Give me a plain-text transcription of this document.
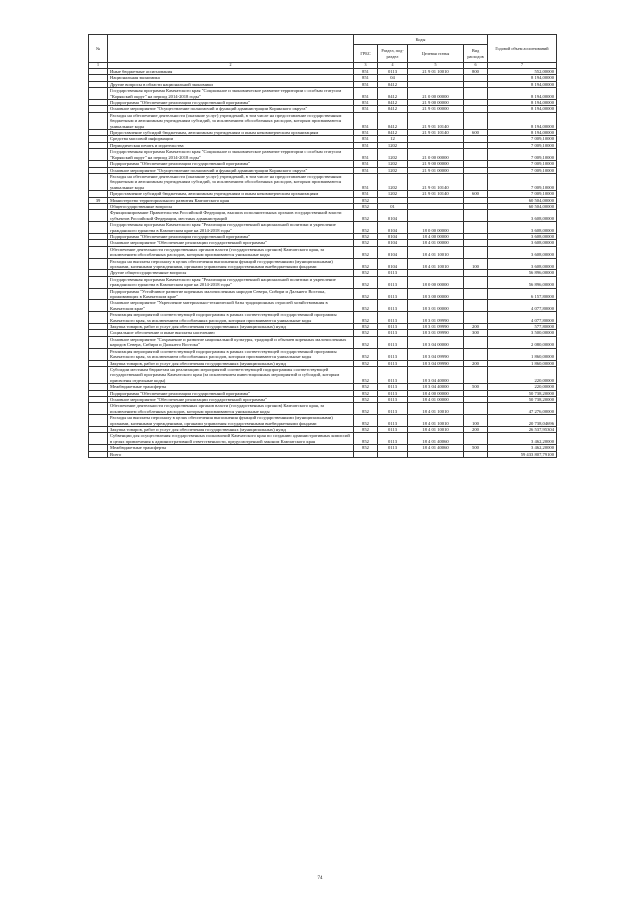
№		Коды				Годовой объем ассигнований
		ГРБС	Раздел, под-раздел	Целевая статья	Вид расходов	
1	2	3	4	5	6	7
	Иные бюджетные ассигнования	851	0113	21 9 01 10010	800	552,00000
	Национальная экономика	851	04			8 194,00000
	Другие вопросы в области национальной экономики	851	0412			8 194,00000
	Государственная программа Камчатского края "Социальное и экономическое развитие территории с особым статусом "Корякский округ" на период 2014-2018 годы"	851	0412	21 0 00 00000		8 194,00000
	Подпрограмма "Обеспечение реализации государственной программы"	851	0412	21 9 00 00000		8 194,00000
	Основное мероприятие "Осуществление полномочий и функций администрации Корякского округа"	851	0412	21 9 01 00000		8 194,00000
	Расходы на обеспечение деятельности (оказание услуг) учреждений, в том числе на предоставление государственным бюджетным и автономным учреждениям субсидий, за исключением обособленных расходов, которым присваиваются уникальные коды	851	0412	21 9 01 10140		8 194,00000
	Предоставление субсидий бюджетным, автономным учреждениям и иным некоммерческим организациям	851	0412	21 9 01 10140	600	8 194,00000
	Средства массовой информации	851	12			7 009,10000
	Периодическая печать и издательства	851	1202			7 009,10000
	Государственная программа Камчатского края "Социальное и экономическое развитие территории с особым статусом "Корякский округ" на период 2014-2018 годы"	851	1202	21 0 00 00000		7 009,10000
	Подпрограмма "Обеспечение реализации государственной программы"	851	1202	21 9 00 00000		7 009,10000
	Основное мероприятие "Осуществление полномочий и функций администрации Корякского округа"	851	1202	21 9 01 00000		7 009,10000
	Расходы на обеспечение деятельности (оказание услуг) учреждений, в том числе на предоставление государственным бюджетным и автономным учреждениям субсидий, за исключением обособленных расходов, которым присваиваются уникальные коды	851	1202	21 9 01 10140		7 009,10000
	Предоставление субсидий бюджетным, автономным учреждениям и иным некоммерческим организациям	851	1202	21 9 01 10140	600	7 009,10000
39	Министерство территориального развития Камчатского края	852				60 504,00000
	Общегосударственные вопросы	852	01			60 504,00000
	Функционирование Правительства Российской Федерации, высших исполнительных органов государственной власти субъектов Российской Федерации, местных администраций	852	0104			3 608,00000
	Государственная программа Камчатского края "Реализация государственной национальной политики и укрепление гражданского единства в Камчатском крае на 2014-2018 годы"	852	0104	18 0 00 00000		3 608,00000
	Подпрограмма "Обеспечение реализации государственной программы"	852	0104	18 4 00 00000		3 608,00000
	Основное мероприятие "Обеспечение реализации государственной программы"	852	0104	18 4 01 00000		3 608,00000
	Обеспечение деятельности государственных органов власти (государственных органов) Камчатского края, за исключением обособленных расходов, которым присваиваются уникальные коды	852	0104	18 4 01 10010		3 608,00000
	Расходы на выплаты персоналу в целях обеспечения выполнения функций государственными (муниципальными) органами, казенными учреждениями, органами управления государственными внебюджетными фондами	852	0104	18 4 01 10010	100	3 608,00000
	Другие общегосударственные вопросы	852	0113			56 896,00000
	Государственная программа Камчатского края "Реализация государственной национальной политики и укрепление гражданского единства в Камчатском крае на 2014-2018 годы"	852	0113	18 0 00 00000		56 896,00000
	Подпрограмма "Устойчивое развитие коренных малочисленных народов Севера, Сибири и Дальнего Востока, проживающих в Камчатском крае"	852	0113	18 3 00 00000		6 157,80000
	Основное мероприятие "Укрепление материально-технической базы традиционных отраслей хозяйствования в Камчатском крае"	852	0113	18 3 01 00000		4 077,80000
	Реализация мероприятий соответствующей подпрограммы в рамках соответствующей государственной программы Камчатского края, за исключением обособленных расходов, которым присваиваются уникальные коды	852	0113	18 3 01 09990		4 077,80000
	Закупка товаров, работ и услуг для обеспечения государственных (муниципальных) нужд	852	0113	18 3 01 09990	200	577,80000
	Социальное обеспечение и иные выплаты населению	852	0113	18 3 01 09990	300	3 500,00000
	Основное мероприятие "Сохранение и развитие национальной культуры, традиций и обычаев коренных малочисленных народов Севера, Сибири и Дальнего Востока"	852	0113	18 3 04 00000		2 080,00000
	Реализация мероприятий соответствующей подпрограммы в рамках соответствующей государственной программы Камчатского края, за исключением обособленных расходов, которым присваиваются уникальные коды	852	0113	18 3 04 09990		1 860,00000
	Закупка товаров, работ и услуг для обеспечения государственных (муниципальных) нужд	852	0113	18 3 04 09990	200	1 860,00000
	Субсидии местным бюджетам на реализацию мероприятий соответствующей подпрограммы соответствующей государственной программы Камчатского края (за исключением инвестиционных мероприятий и субсидий, которым присвоены отдельные коды)	852	0113	18 3 04 40000		220,00000
	Межбюджетные трансферты	852	0113	18 3 04 40000	500	220,00000
	Подпрограмма "Обеспечение реализации государственной программы"	852	0113	18 4 00 00000		50 738,20000
	Основное мероприятие "Обеспечение реализации государственной программы"	852	0113	18 4 01 00000		50 738,20000
	Обеспечение деятельности государственных органов власти (государственных органов) Камчатского края, за исключением обособленных расходов, которым присваиваются уникальные коды	852	0113	18 4 01 10010		47 276,00000
	Расходы на выплаты персоналу в целях обеспечения выполнения функций государственными (муниципальными) органами, казенными учреждениями, органами управления государственными внебюджетными фондами	852	0113	18 4 01 10010	100	20 738,04696
	Закупка товаров, работ и услуг для обеспечения государственных (муниципальных) нужд	852	0113	18 4 01 10010	200	26 537,95304
	Субвенции для осуществления государственных полномочий Камчатского края по созданию административных комиссий в целях привлечения к административной ответственности, предусмотренной законом Камчатского края	852	0113	18 4 01 40060		3 462,20000
	Межбюджетные трансферты	852	0113	18 4 01 40060	500	3 462,20000
	Всего					59 433 807,79100
74
